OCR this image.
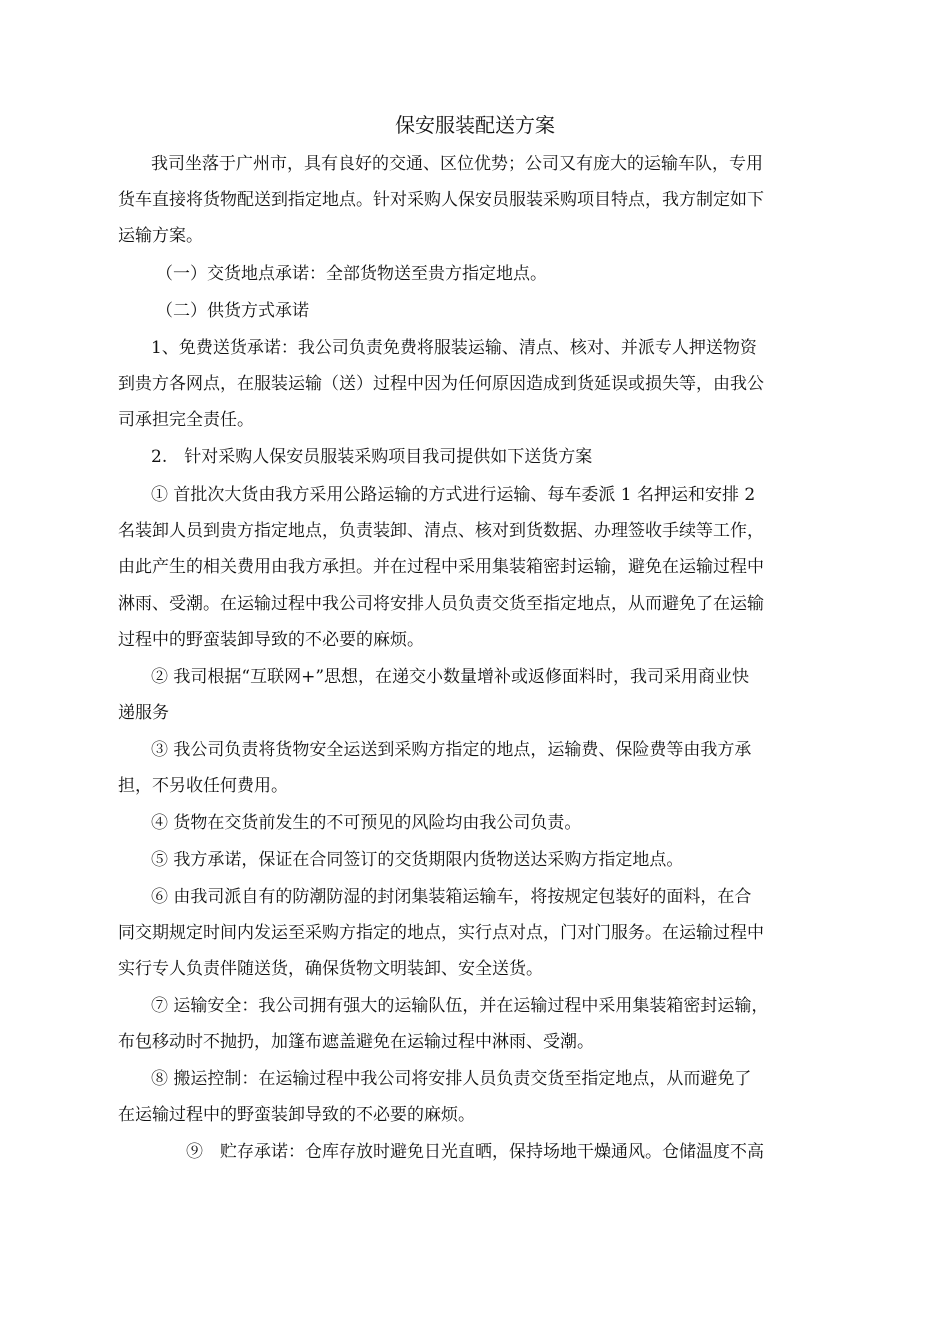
保安服装配送方案
我司坐落于广州市，具有良好的交通、区位优势；公司又有庞大的运输车队，专用
货车直接将货物配送到指定地点。针对采购人保安员服装采购项目特点，我方制定如下
运输方案。
（一）交货地点承诺：全部货物送至贵方指定地点。
（二）供货方式承诺
1、免费送货承诺：我公司负责免费将服装运输、清点、核对、并派专人押送物资
到贵方各网点，在服装运输（送）过程中因为任何原因造成到货延误或损失等，由我公
司承担完全责任。
2.　针对采购人保安员服装采购项目我司提供如下送货方案
① 首批次大货由我方采用公路运输的方式进行运输、每车委派 1 名押运和安排 2
名装卸人员到贵方指定地点，负责装卸、清点、核对到货数据、办理签收手续等工作，
由此产生的相关费用由我方承担。并在过程中采用集装箱密封运输，避免在运输过程中
淋雨、受潮。在运输过程中我公司将安排人员负责交货至指定地点，从而避免了在运输
过程中的野蛮装卸导致的不必要的麻烦。
② 我司根据“互联网+”思想，在递交小数量增补或返修面料时，我司采用商业快
递服务
③ 我公司负责将货物安全运送到采购方指定的地点，运输费、保险费等由我方承
担，不另收任何费用。
④ 货物在交货前发生的不可预见的风险均由我公司负责。
⑤ 我方承诺，保证在合同签订的交货期限内货物送达采购方指定地点。
⑥ 由我司派自有的防潮防湿的封闭集装箱运输车，将按规定包装好的面料，在合
同交期规定时间内发运至采购方指定的地点，实行点对点，门对门服务。在运输过程中
实行专人负责伴随送货，确保货物文明装卸、安全送货。
⑦ 运输安全：我公司拥有强大的运输队伍，并在运输过程中采用集装箱密封运输，
布包移动时不抛扔，加篷布遮盖避免在运输过程中淋雨、受潮。
⑧ 搬运控制：在运输过程中我公司将安排人员负责交货至指定地点，从而避免了
在运输过程中的野蛮装卸导致的不必要的麻烦。
⑨　贮存承诺：仓库存放时避免日光直晒，保持场地干燥通风。仓储温度不高
